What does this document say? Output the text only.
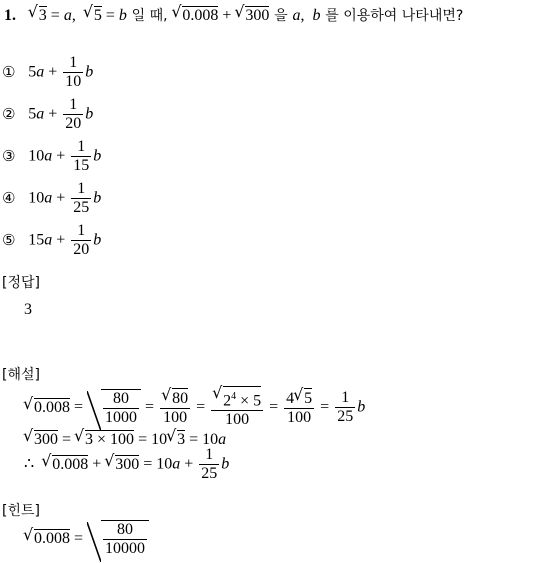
1. √ 3 = a,  √ 5 = b 일 때, √ 0.008 + √ 300 을 a,  b 를 이용하여 나타내면?
① $5a + \frac{1}{10}$ b
② $5a + \frac{1}{20}$ b
③ $10a + \frac{1}{15}$ b
④ $10a + \frac{1}{25}$ b
⑤ $15a + \frac{1}{20}$ b
[정답]
3
[해설]
√ $0.008 = \frac{80}{1000}$ = √ $\frac{80}{100}$ = √ $\frac{2^4 \times 5}{100} = \frac{4 √ 5}{100} = \frac{1}{25}$ b
√ 300 = √ 3 × 100 = 10 √ 3 = 10a
∴  √ 0.008 + √ $300 = 10a + \frac{1}{25}$ b
[힌트]
√ $0.008 = \frac{80}{10000}$
